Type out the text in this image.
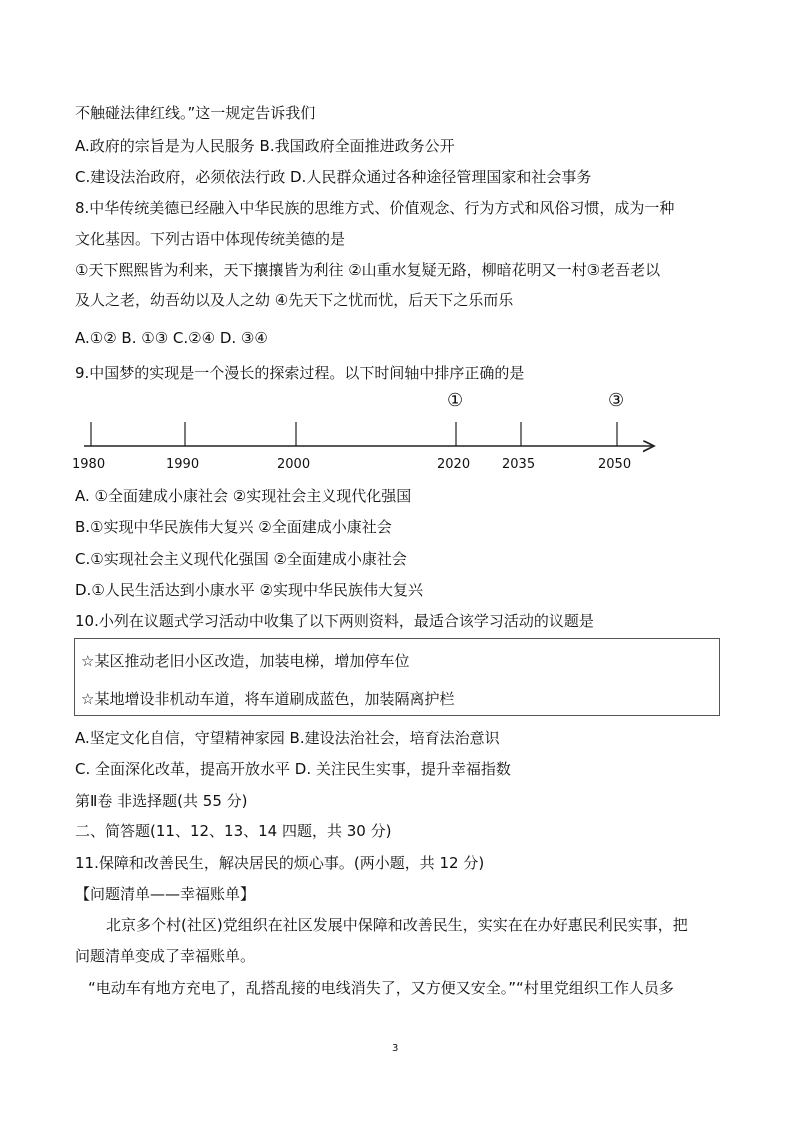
不触碰法律红线。”这一规定告诉我们
A.政府的宗旨是为人民服务 B.我国政府全面推进政务公开
C.建设法治政府，必须依法行政 D.人民群众通过各种途径管理国家和社会事务
8.中华传统美德已经融入中华民族的思维方式、价值观念、行为方式和风俗习惯，成为一种
文化基因。下列古语中体现传统美德的是
①天下熙熙皆为利来，天下攘攘皆为利往 ②山重水复疑无路，柳暗花明又一村③老吾老以
及人之老，幼吾幼以及人之幼 ④先天下之忧而忧，后天下之乐而乐
A.①② B. ①③ C.②④ D. ③④
9.中国梦的实现是一个漫长的探索过程。以下时间轴中排序正确的是
1980	1990	2000	2020
①
2035	2050
③
A. ①全面建成小康社会 ②实现社会主义现代化强国
B.①实现中华民族伟大复兴 ②全面建成小康社会
C.①实现社会主义现代化强国 ②全面建成小康社会
D.①人民生活达到小康水平 ②实现中华民族伟大复兴
10.小列在议题式学习活动中收集了以下两则资料，最适合该学习活动的议题是
☆某区推动老旧小区改造，加装电梯，增加停车位
☆某地增设非机动车道，将车道刷成蓝色，加装隔离护栏
A.坚定文化自信，守望精神家园 B.建设法治社会，培育法治意识
C. 全面深化改革，提高开放水平 D. 关注民生实事，提升幸福指数
第Ⅱ卷 非选择题(共 55 分)
二、简答题(11、12、13、14 四题，共 30 分)
11.保障和改善民生，解决居民的烦心事。(两小题，共 12 分)
【问题清单——幸福账单】
北京多个村(社区)党组织在社区发展中保障和改善民生，实实在在办好惠民利民实事，把
问题清单变成了幸福账单。
“电动车有地方充电了，乱搭乱接的电线消失了，又方便又安全。”“村里党组织工作人员多
3
